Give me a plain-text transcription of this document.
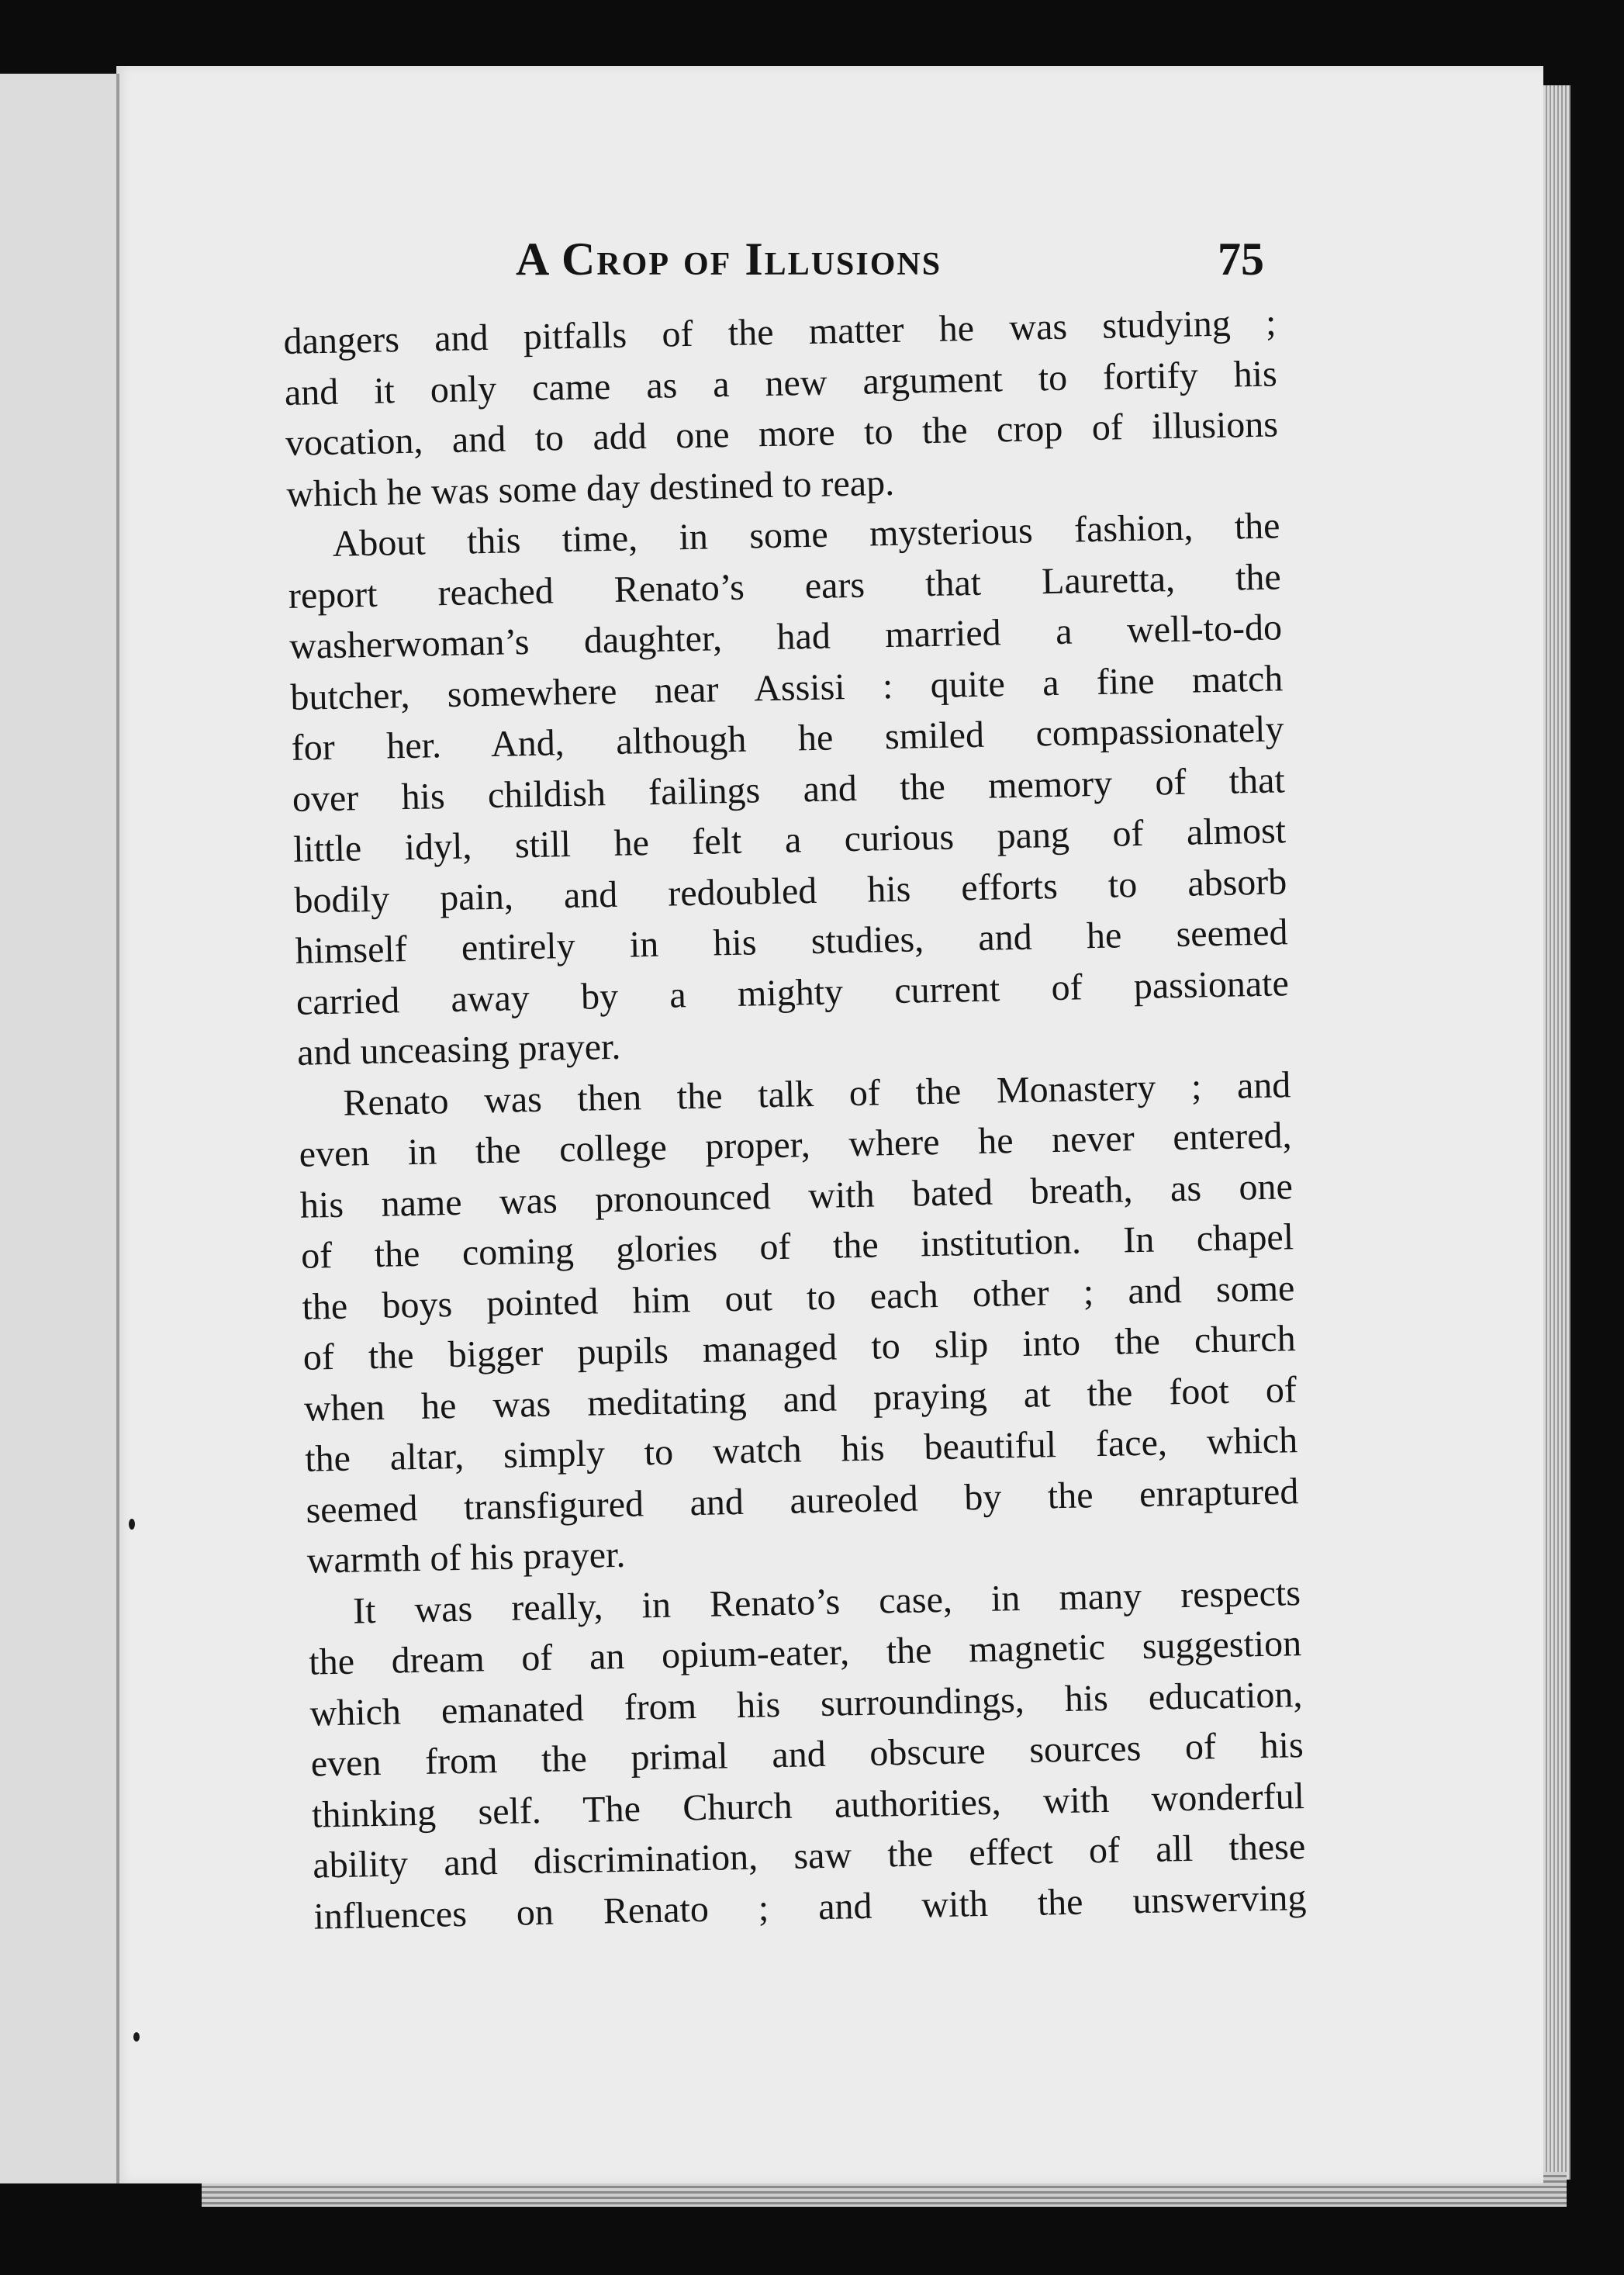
A Crop of Illusions	75
dangers and pitfalls of the matter he was studying ;
and it only came as a new argument to fortify his
vocation, and to add one more to the crop of illusions
which he was some day destined to reap.
About this time, in some mysterious fashion, the
report reached Renato’s ears that Lauretta, the
washerwoman’s daughter, had married a well-to-do
butcher, somewhere near Assisi : quite a fine match
for her. And, although he smiled compassionately
over his childish failings and the memory of that
little idyl, still he felt a curious pang of almost
bodily pain, and redoubled his efforts to absorb
himself entirely in his studies, and he seemed
carried away by a mighty current of passionate
and unceasing prayer.
Renato was then the talk of the Monastery ; and
even in the college proper, where he never entered,
his name was pronounced with bated breath, as one
of the coming glories of the institution. In chapel
the boys pointed him out to each other ; and some
of the bigger pupils managed to slip into the church
when he was meditating and praying at the foot of
the altar, simply to watch his beautiful face, which
seemed transfigured and aureoled by the enraptured
warmth of his prayer.
It was really, in Renato’s case, in many respects
the dream of an opium-eater, the magnetic suggestion
which emanated from his surroundings, his education,
even from the primal and obscure sources of his
thinking self. The Church authorities, with wonderful
ability and discrimination, saw the effect of all these
influences on Renato ; and with the unswerving
